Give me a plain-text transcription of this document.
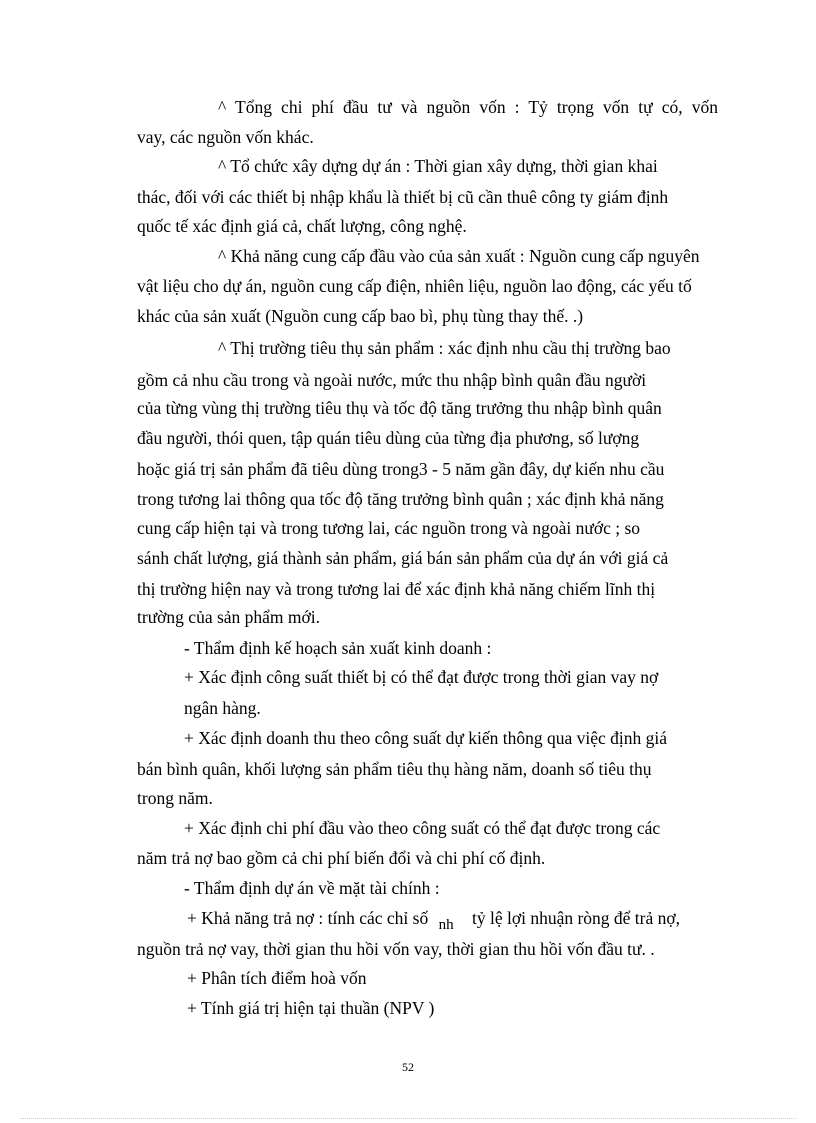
^ Tổng chi phí đầu tư và nguồn vốn : Tỷ trọng vốn tự có, vốn
vay, các nguồn vốn khác.
^ Tổ chức xây dựng dự án : Thời gian xây dựng, thời gian khai
thác, đối với các thiết bị nhập khẩu là thiết bị cũ cần thuê công ty giám định
quốc tế xác định giá cả, chất lượng, công nghệ.
^ Khả năng cung cấp đầu vào của sản xuất : Nguồn cung cấp nguyên
vật liệu cho dự án, nguồn cung cấp điện, nhiên liệu, nguồn lao động, các yếu tố
khác của sản xuất (Nguồn cung cấp bao bì, phụ tùng thay thế. .)
^ Thị trường tiêu thụ sản phẩm : xác định nhu cầu thị trường bao
gồm cả nhu cầu trong và ngoài nước, mức thu nhập bình quân đầu người
của từng vùng thị trường tiêu thụ và tốc độ tăng trưởng thu nhập bình quân
đầu người, thói quen, tập quán tiêu dùng của từng địa phương, số lượng
hoặc giá trị sản phẩm đã tiêu dùng trong3 - 5 năm gần đây, dự kiến nhu cầu
trong tương lai thông qua tốc độ tăng trưởng bình quân ; xác định khả năng
cung cấp hiện tại và trong tương lai, các nguồn trong và ngoài nước ; so
sánh chất lượng, giá thành sản phẩm, giá bán sản phẩm của dự án với giá cả
thị trường hiện nay và trong tương lai để xác định khả năng chiếm lĩnh thị
trường của sản phẩm mới.
- Thẩm định kế hoạch sản xuất kinh doanh :
+ Xác định công suất thiết bị có thể đạt được trong thời gian vay nợ
ngân hàng.
+ Xác định doanh thu theo công suất dự kiến thông qua việc định giá
bán bình quân, khối lượng sản phẩm tiêu thụ hàng năm, doanh số tiêu thụ
trong năm.
+ Xác định chi phí đầu vào theo công suất có thể đạt được trong các
năm trả nợ bao gồm cả chi phí biến đổi và chi phí cố định.
- Thẩm định dự án về mặt tài chính :
+ Khả năng trả nợ : tính các chỉ số nh tỷ lệ lợi nhuận ròng để trả nợ,
nguồn trả nợ vay, thời gian thu hồi vốn vay, thời gian thu hồi vốn đầu tư. .
+ Phân tích điểm hoà vốn
+ Tính giá trị hiện tại thuần (NPV )
52
